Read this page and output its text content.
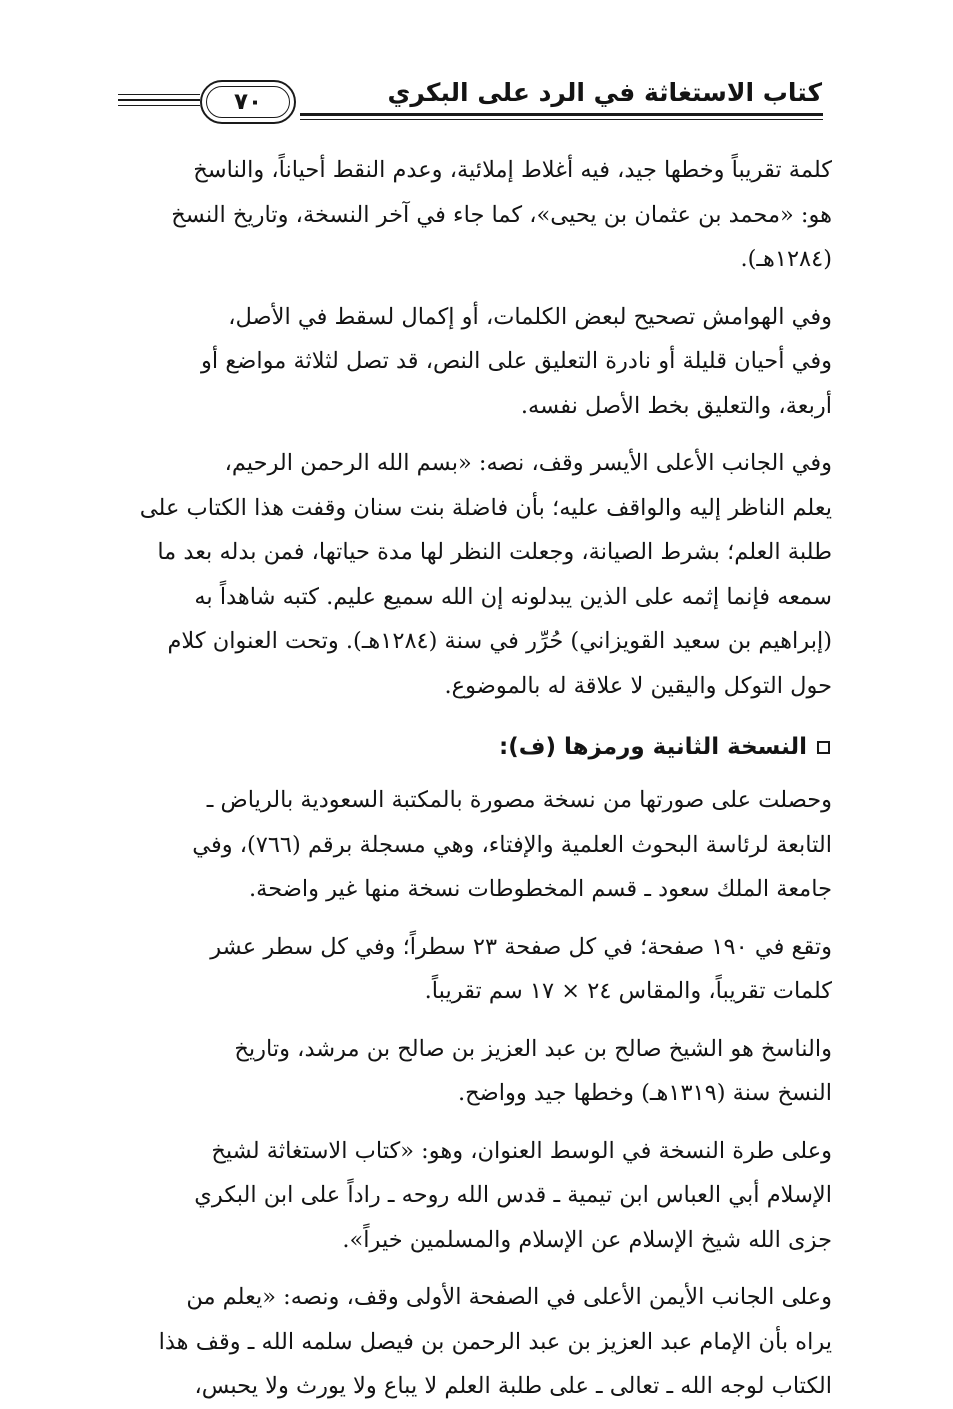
٧٠	كتاب الاستغاثة في الرد على البكري
كلمة تقريباً وخطها جيد، فيه أغلاط إملائية، وعدم النقط أحياناً، والناسخ
هو: «محمد بن عثمان بن يحيى»، كما جاء في آخر النسخة، وتاريخ النسخ
(١٢٨٤هـ).
وفي الهوامش تصحيح لبعض الكلمات، أو إكمال لسقط في الأصل،
وفي أحيان قليلة أو نادرة التعليق على النص، قد تصل لثلاثة مواضع أو
أربعة، والتعليق بخط الأصل نفسه.
وفي الجانب الأعلى الأيسر وقف، نصه: «بسم الله الرحمن الرحيم،
يعلم الناظر إليه والواقف عليه؛ بأن فاضلة بنت سنان وقفت هذا الكتاب على
طلبة العلم؛ بشرط الصيانة، وجعلت النظر لها مدة حياتها، فمن بدله بعد ما
سمعه فإنما إثمه على الذين يبدلونه إن الله سميع عليم. كتبه شاهداً به
(إبراهيم بن سعيد القويزاني) حُرِّر في سنة (١٢٨٤هـ). وتحت العنوان كلام
حول التوكل واليقين لا علاقة له بالموضوع.
النسخة الثانية ورمزها (ف):
وحصلت على صورتها من نسخة مصورة بالمكتبة السعودية بالرياض ـ
التابعة لرئاسة البحوث العلمية والإفتاء، وهي مسجلة برقم (٧٦٦)، وفي
جامعة الملك سعود ـ قسم المخطوطات نسخة منها غير واضحة.
وتقع في ١٩٠ صفحة؛ في كل صفحة ٢٣ سطراً؛ وفي كل سطر عشر
كلمات تقريباً، والمقاس ٢٤ × ١٧ سم تقريباً.
والناسخ هو الشيخ صالح بن عبد العزيز بن صالح بن مرشد، وتاريخ
النسخ سنة (١٣١٩هـ) وخطها جيد وواضح.
وعلى طرة النسخة في الوسط العنوان، وهو: «كتاب الاستغاثة لشيخ
الإسلام أبي العباس ابن تيمية ـ قدس الله روحه ـ راداً على ابن البكري
جزى الله شيخ الإسلام عن الإسلام والمسلمين خيراً».
وعلى الجانب الأيمن الأعلى في الصفحة الأولى وقف، ونصه: «يعلم من
يراه بأن الإمام عبد العزيز بن عبد الرحمن بن فيصل سلمه الله ـ وقف هذا
الكتاب لوجه الله ـ تعالى ـ على طلبة العلم لا يباع ولا يورث ولا يحبس،
